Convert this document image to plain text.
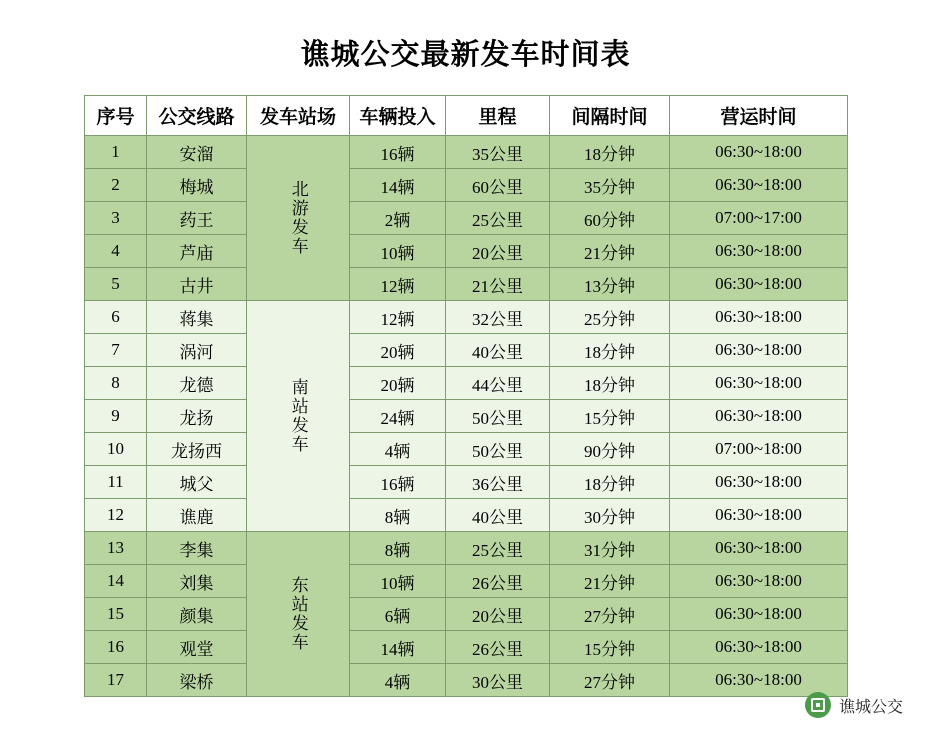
谯城公交最新发车时间表
序号	公交线路	发车站场	车辆投入	里程	间隔时间	营运时间
1	安溜	北游发车	16辆	35公里	18分钟	06:30~18:00
2	梅城		14辆	60公里	35分钟	06:30~18:00
3	药王		2辆	25公里	60分钟	07:00~17:00
4	芦庙		10辆	20公里	21分钟	06:30~18:00
5	古井		12辆	21公里	13分钟	06:30~18:00
6	蒋集	南站发车	12辆	32公里	25分钟	06:30~18:00
7	涡河		20辆	40公里	18分钟	06:30~18:00
8	龙德		20辆	44公里	18分钟	06:30~18:00
9	龙扬		24辆	50公里	15分钟	06:30~18:00
10	龙扬西		4辆	50公里	90分钟	07:00~18:00
11	城父		16辆	36公里	18分钟	06:30~18:00
12	谯鹿		8辆	40公里	30分钟	06:30~18:00
13	李集	东站发车	8辆	25公里	31分钟	06:30~18:00
14	刘集		10辆	26公里	21分钟	06:30~18:00
15	颜集		6辆	20公里	27分钟	06:30~18:00
16	观堂		14辆	26公里	15分钟	06:30~18:00
17	梁桥		4辆	30公里	27分钟	06:30~18:00
谯城公交
